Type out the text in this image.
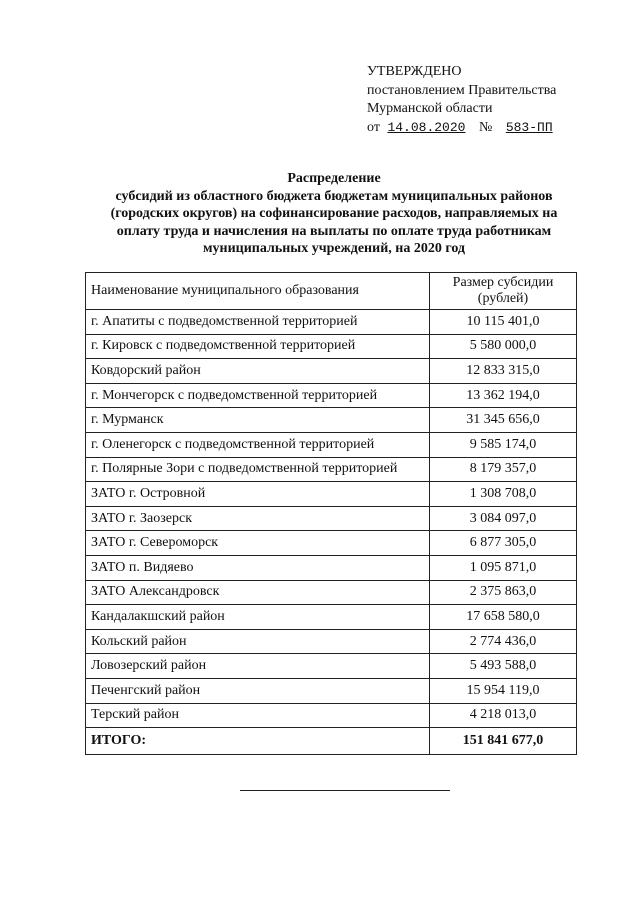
УТВЕРЖДЕНО
постановлением Правительства
Мурманской области
от 14.08.2020 № 583-ПП
Распределение
субсидий из областного бюджета бюджетам муниципальных районов
(городских округов) на софинансирование расходов, направляемых на
оплату труда и начисления на выплаты по оплате труда работникам
муниципальных учреждений, на 2020 год
Наименование муниципального образования	Размер субсидии (рублей)
г. Апатиты с подведомственной территорией	10 115 401,0
г. Кировск с подведомственной территорией	5 580 000,0
Ковдорский район	12 833 315,0
г. Мончегорск с подведомственной территорией	13 362 194,0
г. Мурманск	31 345 656,0
г. Оленегорск с подведомственной территорией	9 585 174,0
г. Полярные Зори с подведомственной территорией	8 179 357,0
ЗАТО г. Островной	1 308 708,0
ЗАТО г. Заозерск	3 084 097,0
ЗАТО г. Североморск	6 877 305,0
ЗАТО п. Видяево	1 095 871,0
ЗАТО Александровск	2 375 863,0
Кандалакшский район	17 658 580,0
Кольский район	2 774 436,0
Ловозерский район	5 493 588,0
Печенгский район	15 954 119,0
Терский район	4 218 013,0
ИТОГО:	151 841 677,0
